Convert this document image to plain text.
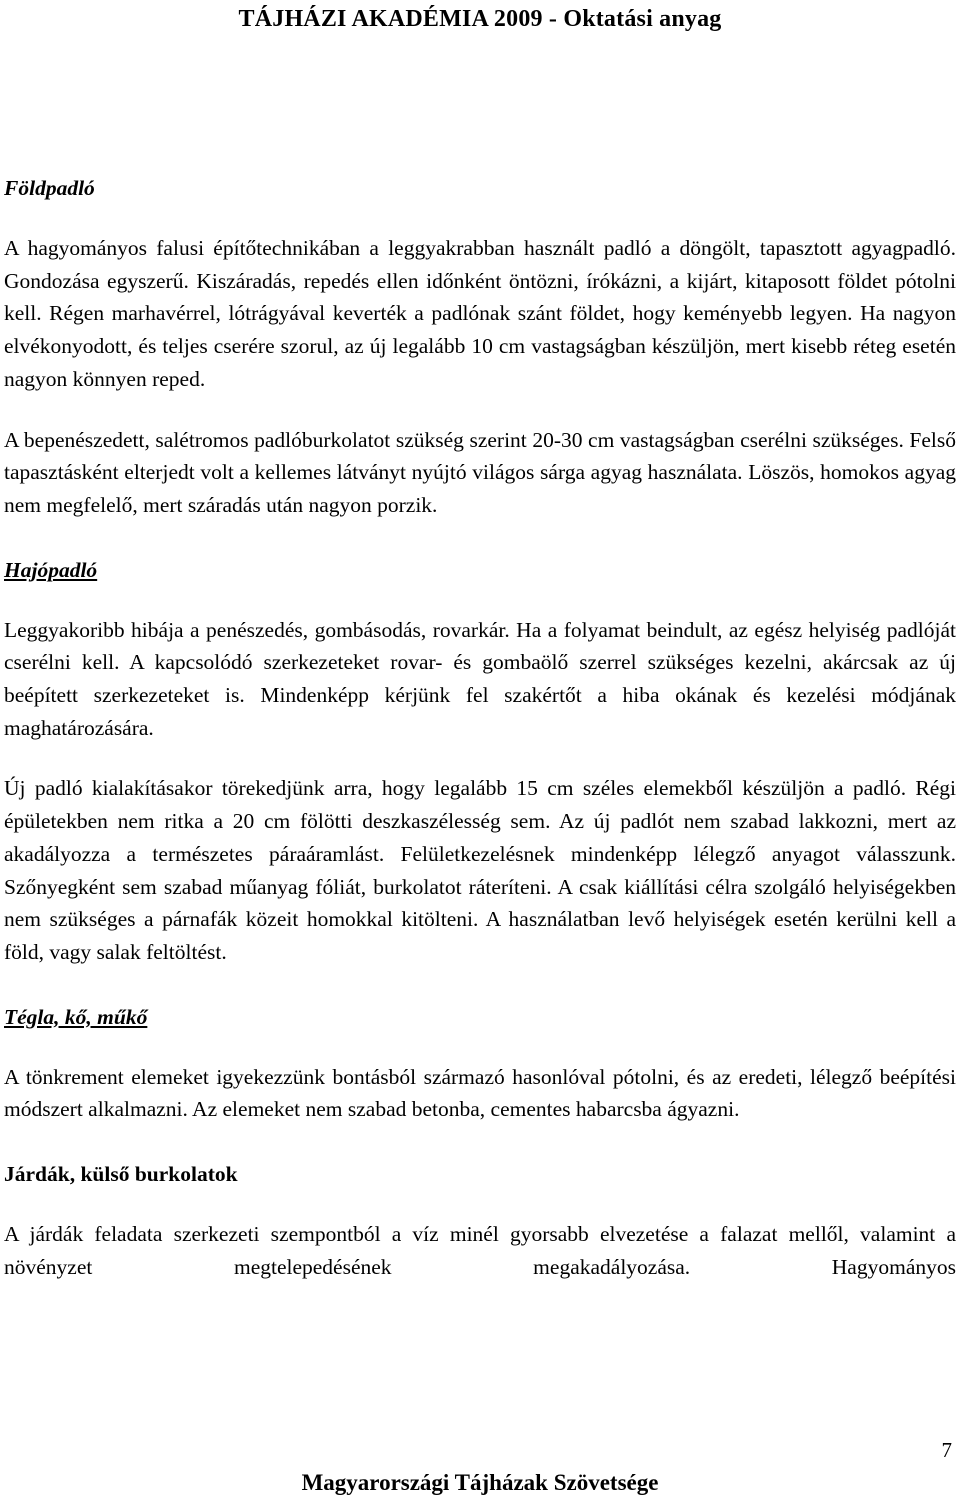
TÁJHÁZI AKADÉMIA 2009 - Oktatási anyag
Földpadló

A hagyományos falusi építőtechnikában a leggyakrabban használt padló a döngölt, tapasztott agyagpadló. Gondozása egyszerű. Kiszáradás, repedés ellen időnként öntözni, írókázni, a kijárt, kitaposott földet pótolni kell. Régen marhavérrel, lótrágyával keverték a padlónak szánt földet, hogy keményebb legyen. Ha nagyon elvékonyodott, és teljes cserére szorul, az új legalább 10 cm vastagságban készüljön, mert kisebb réteg esetén nagyon könnyen reped.

A bepenészedett, salétromos padlóburkolatot szükség szerint 20-30 cm vastagságban cserélni szükséges. Felső tapasztásként elterjedt volt a kellemes látványt nyújtó világos sárga agyag használata. Löszös, homokos agyag nem megfelelő, mert száradás után nagyon porzik.

Hajópadló

Leggyakoribb hibája a penészedés, gombásodás, rovarkár. Ha a folyamat beindult, az egész helyiség padlóját cserélni kell. A kapcsolódó szerkezeteket rovar- és gombaölő szerrel szükséges kezelni, akárcsak az új beépített szerkezeteket is. Mindenképp kérjünk fel szakértőt a hiba okának és kezelési módjának maghatározására.

Új padló kialakításakor törekedjünk arra, hogy legalább 15 cm széles elemekből készüljön a padló. Régi épületekben nem ritka a 20 cm fölötti deszkaszélesség sem. Az új padlót nem szabad lakkozni, mert az akadályozza a természetes páraáramlást. Felületkezelésnek mindenképp lélegző anyagot válasszunk. Szőnyegként sem szabad műanyag fóliát, burkolatot ráteríteni. A csak kiállítási célra szolgáló helyiségekben nem szükséges a párnafák közeit homokkal kitölteni. A használatban levő helyiségek esetén kerülni kell a föld, vagy salak feltöltést.

Tégla, kő, műkő

A tönkrement elemeket igyekezzünk bontásból származó hasonlóval pótolni, és az eredeti, lélegző beépítési módszert alkalmazni. Az elemeket nem szabad betonba, cementes habarcsba ágyazni.

Járdák, külső burkolatok

A járdák feladata szerkezeti szempontból a víz minél gyorsabb elvezetése a falazat mellől, valamint a növényzet megtelepedésének megakadályozása. Hagyományos

7
Magyarországi Tájházak Szövetsége
